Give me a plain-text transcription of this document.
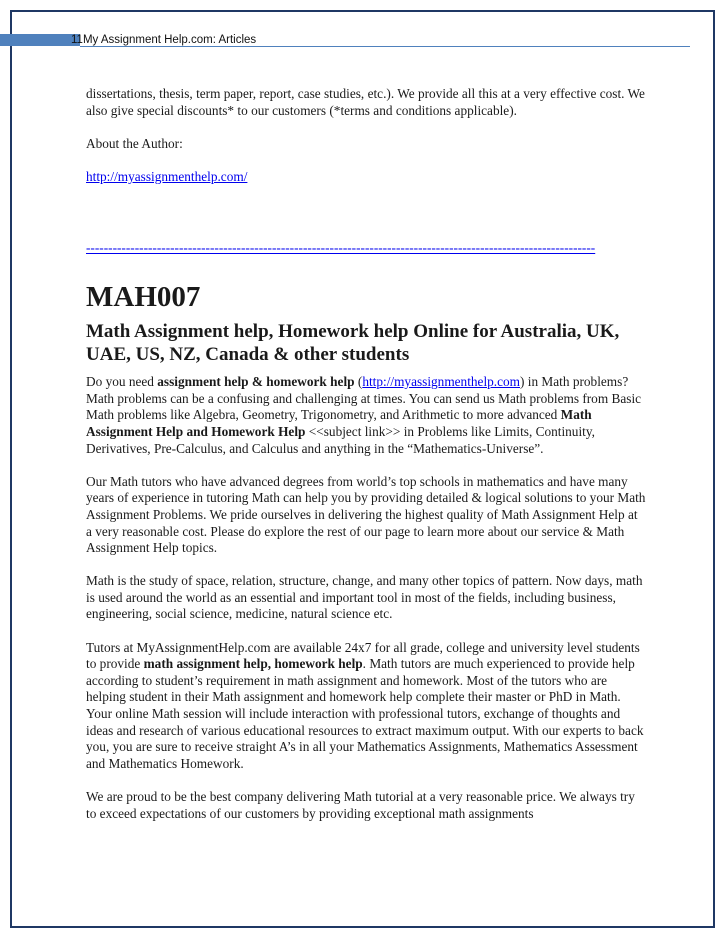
11My Assignment Help.com: Articles

dissertations, thesis, term paper, report, case studies, etc.). We provide all this at a very effective cost. We also give special discounts* to our customers (*terms and conditions applicable).

About the Author:

http://myassignmenthelp.com/

-------------------------------------------------------------------------------------------------------------------
MAH007
Math Assignment help, Homework help Online for Australia, UK, UAE, US, NZ, Canada & other students

Do you need assignment help & homework help (http://myassignmenthelp.com) in Math problems? Math problems can be a confusing and challenging at times. You can send us Math problems from Basic Math problems like Algebra, Geometry, Trigonometry, and Arithmetic to more advanced Math Assignment Help and Homework Help <<subject link>> in Problems like Limits, Continuity, Derivatives, Pre-Calculus, and Calculus and anything in the “Mathematics-Universe”.

Our Math tutors who have advanced degrees from world’s top schools in mathematics and have many years of experience in tutoring Math can help you by providing detailed & logical solutions to your Math Assignment Problems. We pride ourselves in delivering the highest quality of Math Assignment Help at a very reasonable cost. Please do explore the rest of our page to learn more about our service & Math Assignment Help topics.

Math is the study of space, relation, structure, change, and many other topics of pattern. Now days, math is used around the world as an essential and important tool in most of the fields, including business, engineering, social science, medicine, natural science etc.

Tutors at MyAssignmentHelp.com are available 24x7 for all grade, college and university level students to provide math assignment help, homework help. Math tutors are much experienced to provide help according to student’s requirement in math assignment and homework. Most of the tutors who are helping student in their Math assignment and homework help complete their master or PhD in Math. Your online Math session will include interaction with professional tutors, exchange of thoughts and ideas and research of various educational resources to extract maximum output. With our experts to back you, you are sure to receive straight A’s in all your Mathematics Assignments, Mathematics Assessment and Mathematics Homework.

We are proud to be the best company delivering Math tutorial at a very reasonable price. We always try to exceed expectations of our customers by providing exceptional math assignments
